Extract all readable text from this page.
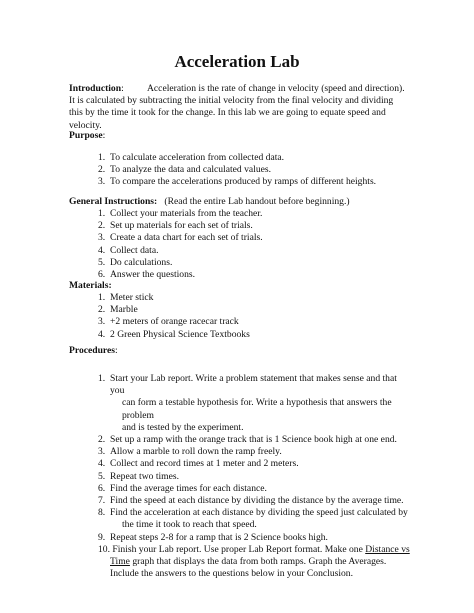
Acceleration Lab

Introduction: Acceleration is the rate of change in velocity (speed and direction). It is calculated by subtracting the initial velocity from the final velocity and dividing this by the time it took for the change. In this lab we are going to equate speed and velocity.

Purpose:
1. To calculate acceleration from collected data.
2. To analyze the data and calculated values.
3. To compare the accelerations produced by ramps of different heights.
General Instructions: (Read the entire Lab handout before beginning.)
1. Collect your materials from the teacher.
2. Set up materials for each set of trials.
3. Create a data chart for each set of trials.
4. Collect data.
5. Do calculations.
6. Answer the questions.
Materials:
1. Meter stick
2. Marble
3. +2 meters of orange racecar track
4. 2 Green Physical Science Textbooks
Procedures:
1. Start your Lab report. Write a problem statement that makes sense and that you
can form a testable hypothesis for. Write a hypothesis that answers the problem
and is tested by the experiment.
2. Set up a ramp with the orange track that is 1 Science book high at one end.
3. Allow a marble to roll down the ramp freely.
4. Collect and record times at 1 meter and 2 meters.
5. Repeat two times.
6. Find the average times for each distance.
7. Find the speed at each distance by dividing the distance by the average time.
8. Find the acceleration at each distance by dividing the speed just calculated by
the time it took to reach that speed.
9. Repeat steps 2-8 for a ramp that is 2 Science books high.
10. Finish your Lab report. Use proper Lab Report format. Make one Distance vs
Time graph that displays the data from both ramps. Graph the Averages.
Include the answers to the questions below in your Conclusion.
